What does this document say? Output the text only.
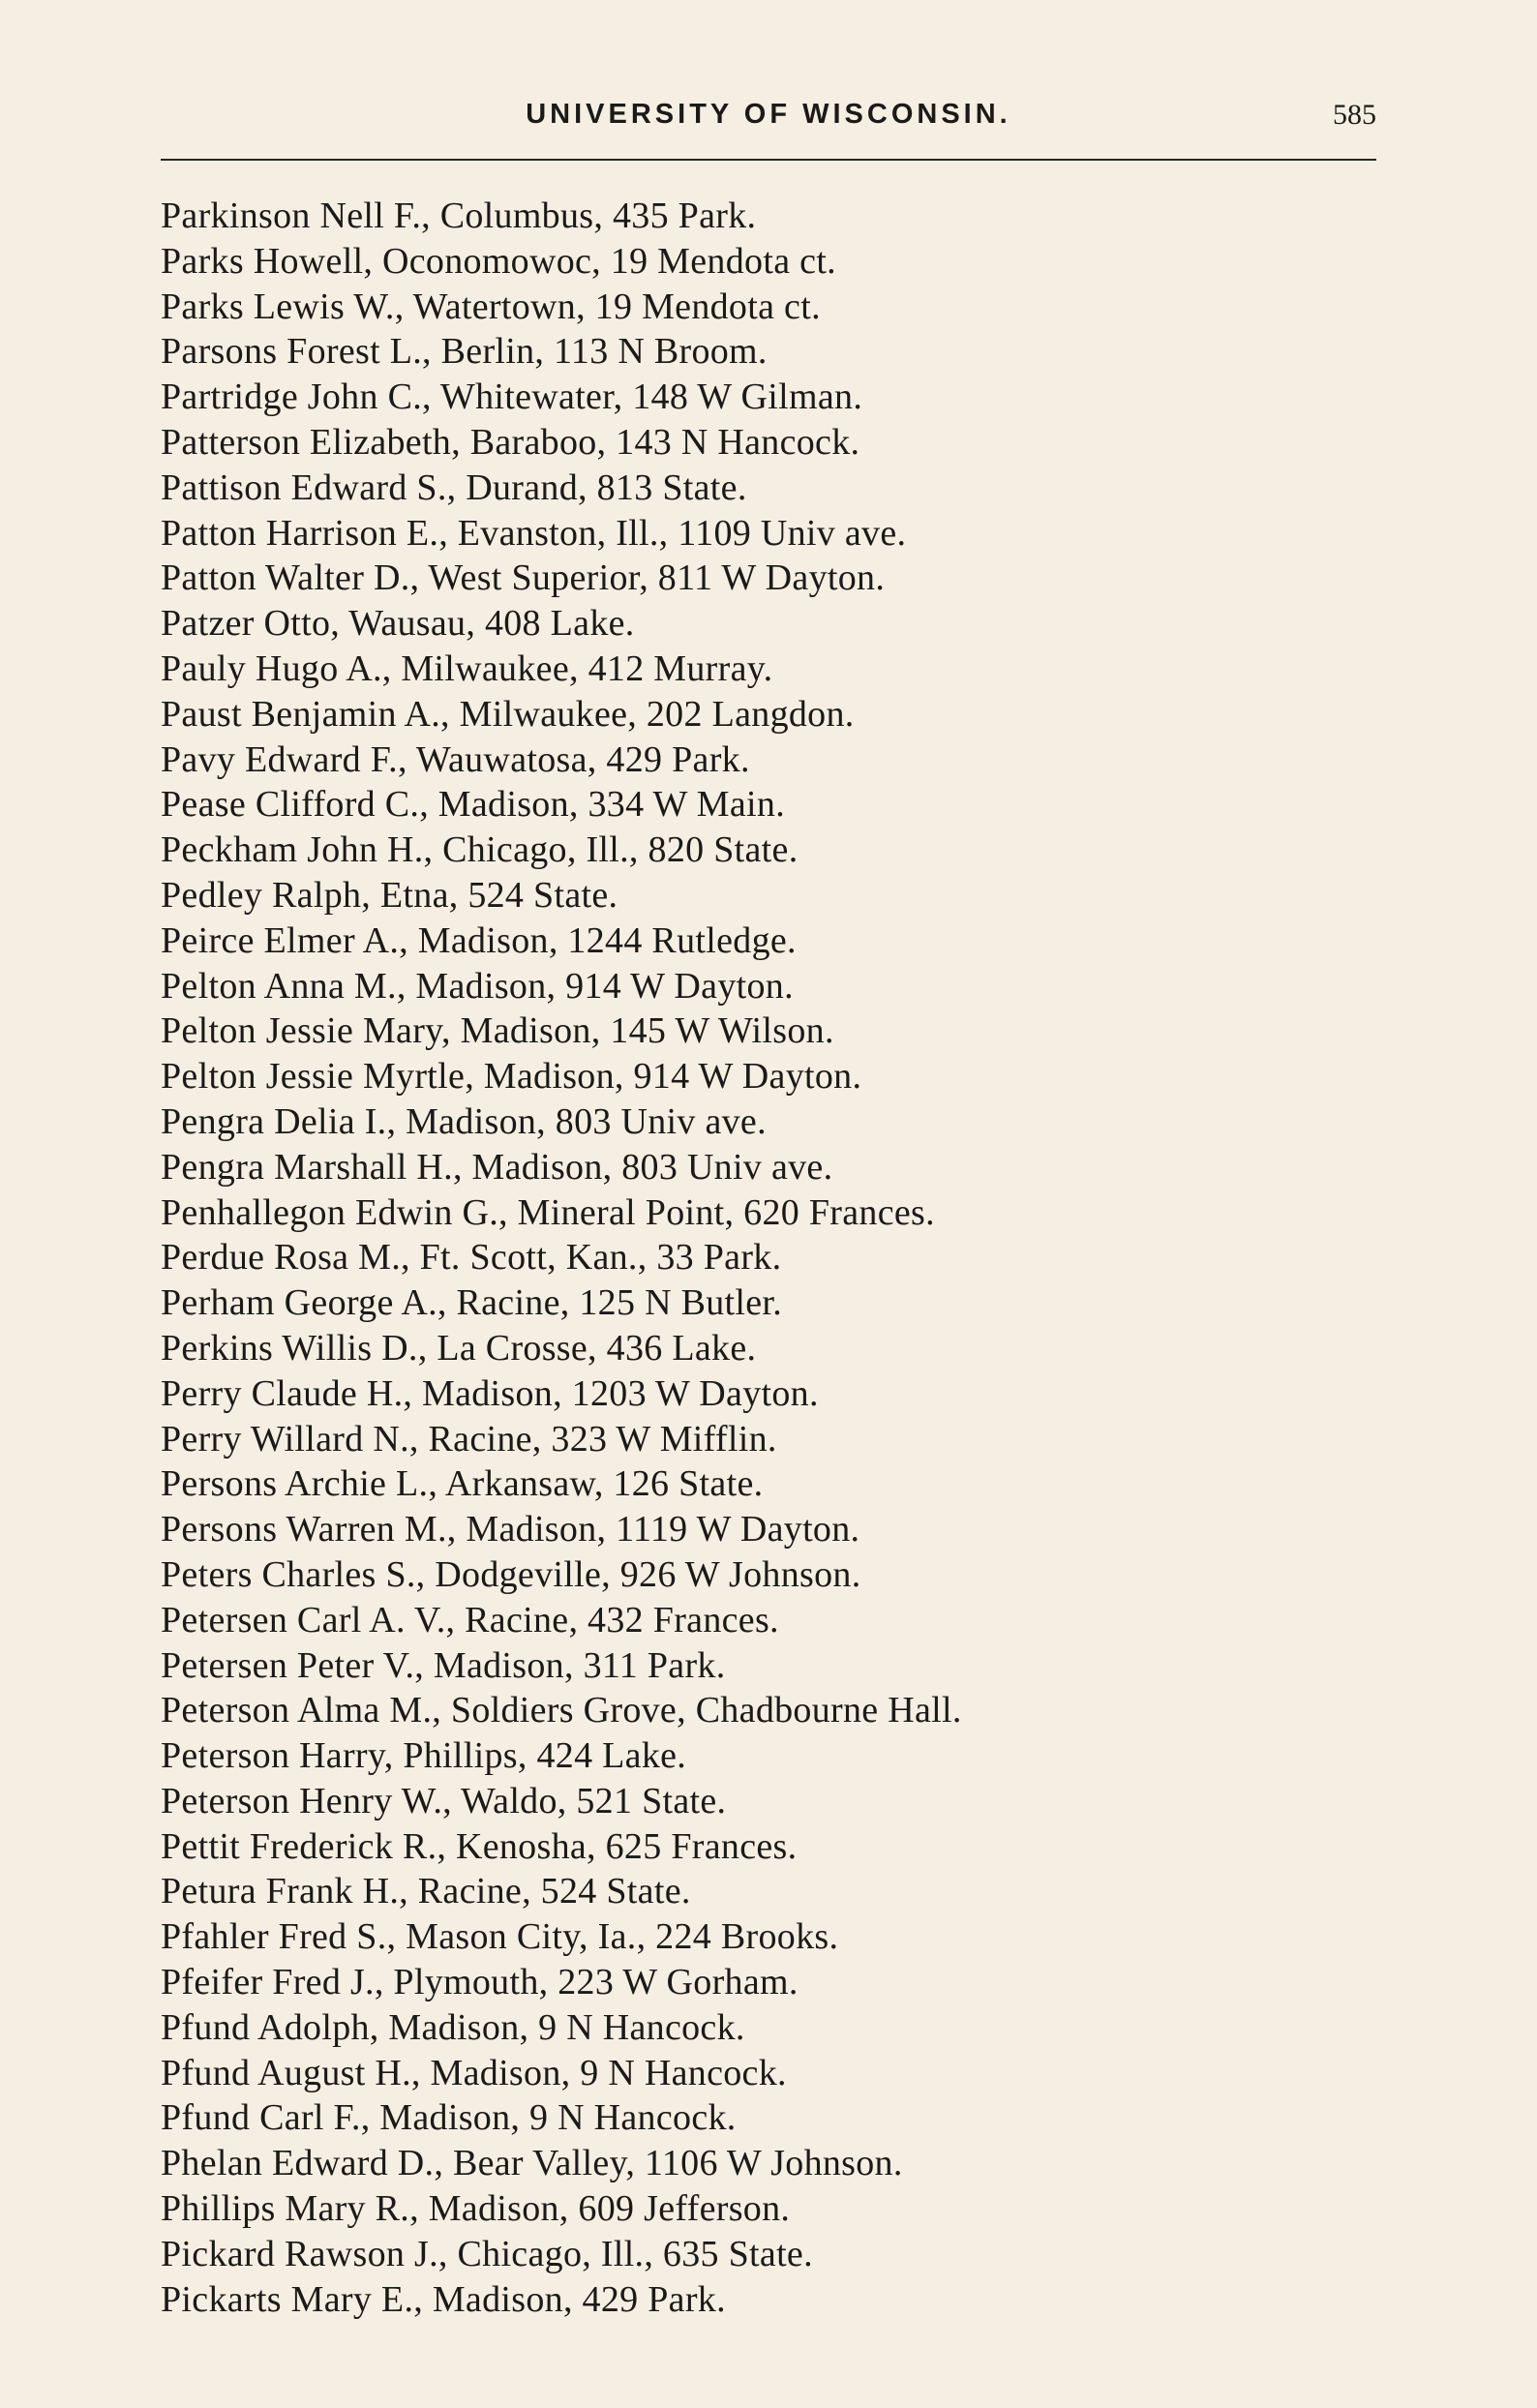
UNIVERSITY OF WISCONSIN.	585
Parkinson Nell F., Columbus, 435 Park.
Parks Howell, Oconomowoc, 19 Mendota ct.
Parks Lewis W., Watertown, 19 Mendota ct.
Parsons Forest L., Berlin, 113 N Broom.
Partridge John C., Whitewater, 148 W Gilman.
Patterson Elizabeth, Baraboo, 143 N Hancock.
Pattison Edward S., Durand, 813 State.
Patton Harrison E., Evanston, Ill., 1109 Univ ave.
Patton Walter D., West Superior, 811 W Dayton.
Patzer Otto, Wausau, 408 Lake.
Pauly Hugo A., Milwaukee, 412 Murray.
Paust Benjamin A., Milwaukee, 202 Langdon.
Pavy Edward F., Wauwatosa, 429 Park.
Pease Clifford C., Madison, 334 W Main.
Peckham John H., Chicago, Ill., 820 State.
Pedley Ralph, Etna, 524 State.
Peirce Elmer A., Madison, 1244 Rutledge.
Pelton Anna M., Madison, 914 W Dayton.
Pelton Jessie Mary, Madison, 145 W Wilson.
Pelton Jessie Myrtle, Madison, 914 W Dayton.
Pengra Delia I., Madison, 803 Univ ave.
Pengra Marshall H., Madison, 803 Univ ave.
Penhallegon Edwin G., Mineral Point, 620 Frances.
Perdue Rosa M., Ft. Scott, Kan., 33 Park.
Perham George A., Racine, 125 N Butler.
Perkins Willis D., La Crosse, 436 Lake.
Perry Claude H., Madison, 1203 W Dayton.
Perry Willard N., Racine, 323 W Mifflin.
Persons Archie L., Arkansaw, 126 State.
Persons Warren M., Madison, 1119 W Dayton.
Peters Charles S., Dodgeville, 926 W Johnson.
Petersen Carl A. V., Racine, 432 Frances.
Petersen Peter V., Madison, 311 Park.
Peterson Alma M., Soldiers Grove, Chadbourne Hall.
Peterson Harry, Phillips, 424 Lake.
Peterson Henry W., Waldo, 521 State.
Pettit Frederick R., Kenosha, 625 Frances.
Petura Frank H., Racine, 524 State.
Pfahler Fred S., Mason City, Ia., 224 Brooks.
Pfeifer Fred J., Plymouth, 223 W Gorham.
Pfund Adolph, Madison, 9 N Hancock.
Pfund August H., Madison, 9 N Hancock.
Pfund Carl F., Madison, 9 N Hancock.
Phelan Edward D., Bear Valley, 1106 W Johnson.
Phillips Mary R., Madison, 609 Jefferson.
Pickard Rawson J., Chicago, Ill., 635 State.
Pickarts Mary E., Madison, 429 Park.
